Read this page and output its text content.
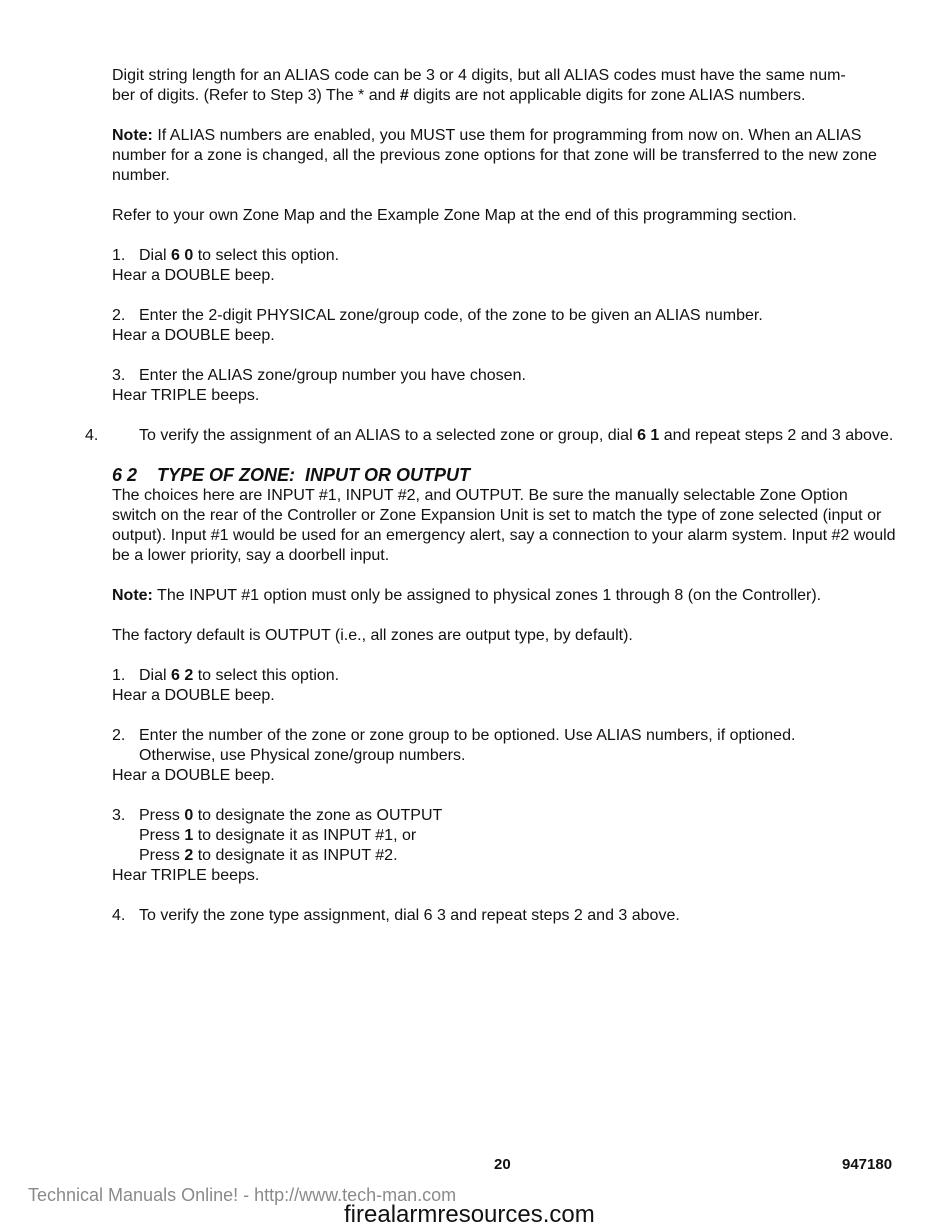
Digit string length for an ALIAS code can be 3 or 4 digits, but all ALIAS codes must have the same num-
ber of digits. (Refer to Step 3) The * and # digits are not applicable digits for zone ALIAS numbers.

Note: If ALIAS numbers are enabled, you MUST use them for programming from now on. When an ALIAS number for a zone is changed, all the previous zone options for that zone will be transferred to the new zone number.

Refer to your own Zone Map and the Example Zone Map at the end of this programming section.

1. Dial 6 0 to select this option.
Hear a DOUBLE beep.

2. Enter the 2-digit PHYSICAL zone/group code, of the zone to be given an ALIAS number.
Hear a DOUBLE beep.

3. Enter the ALIAS zone/group number you have chosen.
Hear TRIPLE beeps.

4.	To verify the assignment of an ALIAS to a selected zone or group, dial 6 1 and repeat steps 2 and 3 above.

6 2    TYPE OF ZONE:  INPUT OR OUTPUT

The choices here are INPUT #1, INPUT #2, and OUTPUT. Be sure the manually selectable Zone Option switch on the rear of the Controller or Zone Expansion Unit is set to match the type of zone selected (input or output). Input #1 would be used for an emergency alert, say a connection to your alarm system. Input #2 would be a lower priority, say a doorbell input.

Note: The INPUT #1 option must only be assigned to physical zones 1 through 8 (on the Controller).

The factory default is OUTPUT (i.e., all zones are output type, by default).

1. Dial 6 2 to select this option.
Hear a DOUBLE beep.

2. Enter the number of the zone or zone group to be optioned. Use ALIAS numbers, if optioned.
Otherwise, use Physical zone/group numbers.
Hear a DOUBLE beep.

3. Press 0 to designate the zone as OUTPUT
Press 1 to designate it as INPUT #1, or
Press 2 to designate it as INPUT #2.
Hear TRIPLE beeps.

4. To verify the zone type assignment, dial 6 3 and repeat steps 2 and 3 above.

20	947180
Technical Manuals Online! - http://www.tech-man.com
firealarmresources.com
